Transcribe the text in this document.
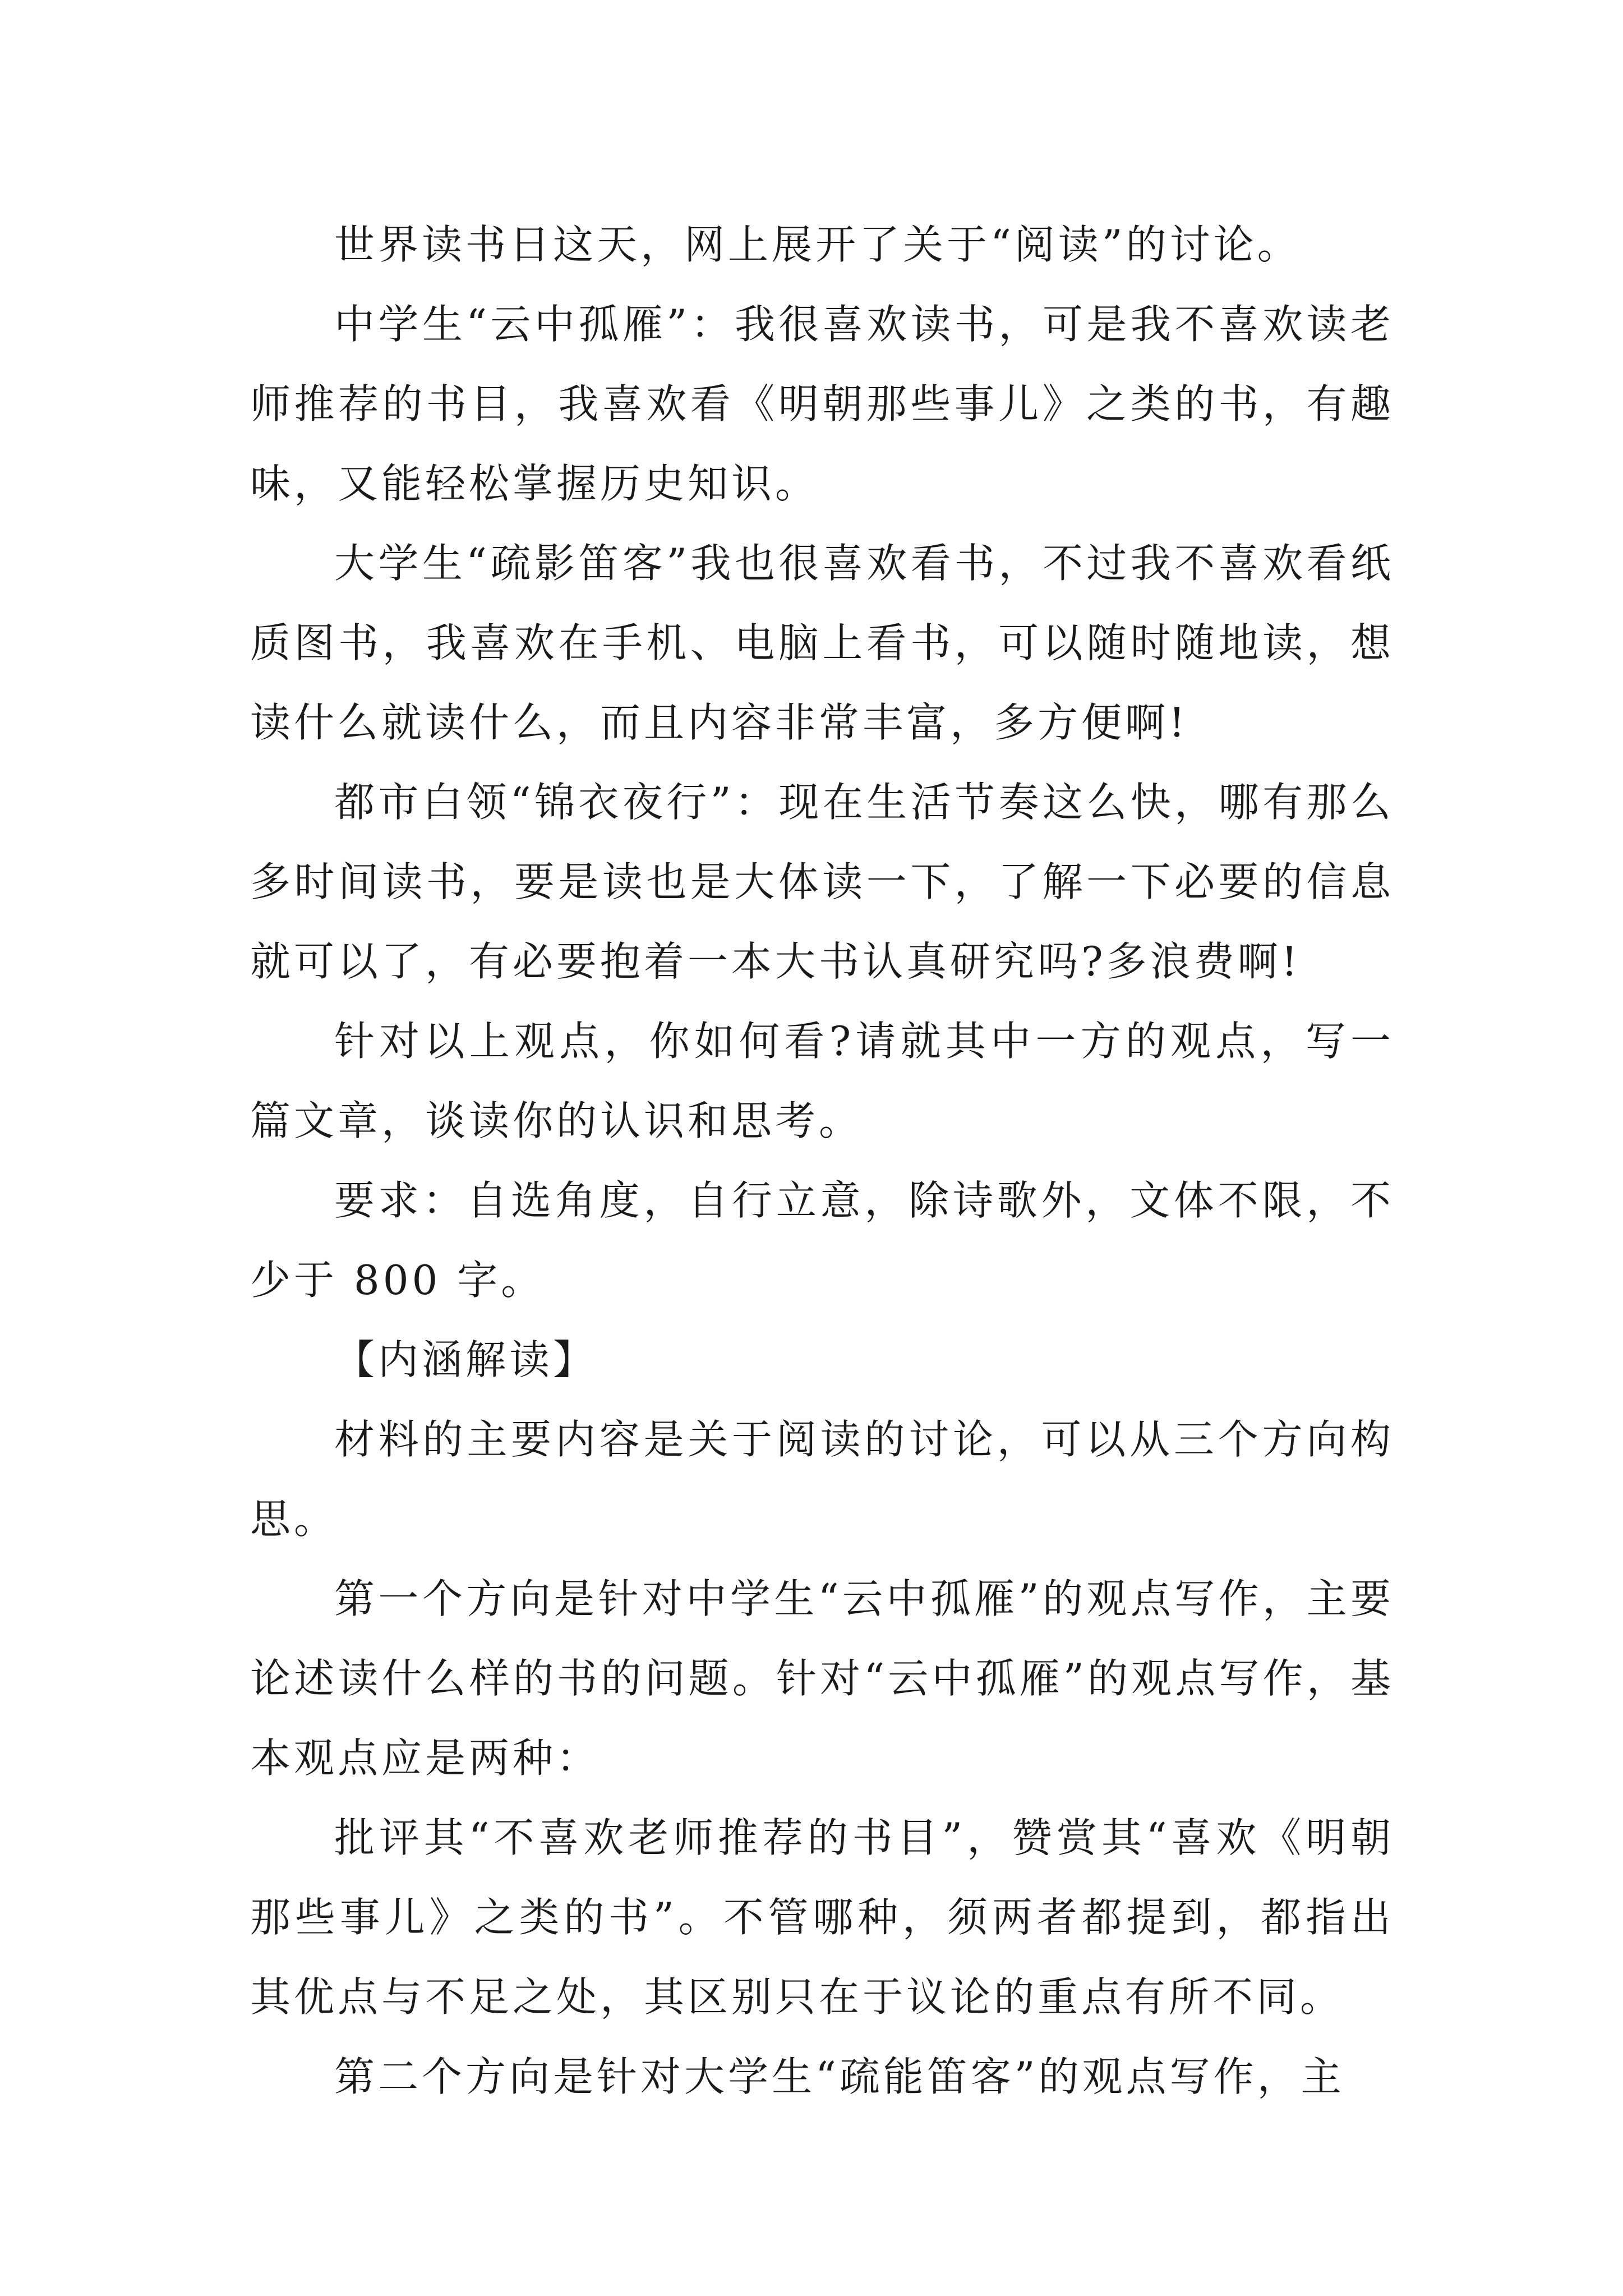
世界读书日这天，网上展开了关于“阅读”的讨论。

中学生“云中孤雁”：我很喜欢读书，可是我不喜欢读老师推荐的书目，我喜欢看《明朝那些事儿》之类的书，有趣味，又能轻松掌握历史知识。

大学生“疏影笛客”我也很喜欢看书，不过我不喜欢看纸质图书，我喜欢在手机、电脑上看书，可以随时随地读，想读什么就读什么，而且内容非常丰富，多方便啊!

都市白领“锦衣夜行”：现在生活节奏这么快，哪有那么多时间读书，要是读也是大体读一下，了解一下必要的信息就可以了，有必要抱着一本大书认真研究吗?多浪费啊!

针对以上观点，你如何看?请就其中一方的观点，写一篇文章，谈读你的认识和思考。

要求：自选角度，自行立意，除诗歌外，文体不限，不少于 800 字。

【内涵解读】

材料的主要内容是关于阅读的讨论，可以从三个方向构思。

第一个方向是针对中学生“云中孤雁”的观点写作，主要论述读什么样的书的问题。针对“云中孤雁”的观点写作，基本观点应是两种：

批评其“不喜欢老师推荐的书目”，赞赏其“喜欢《明朝那些事儿》之类的书”。不管哪种，须两者都提到，都指出其优点与不足之处，其区别只在于议论的重点有所不同。

第二个方向是针对大学生“疏能笛客”的观点写作，主
